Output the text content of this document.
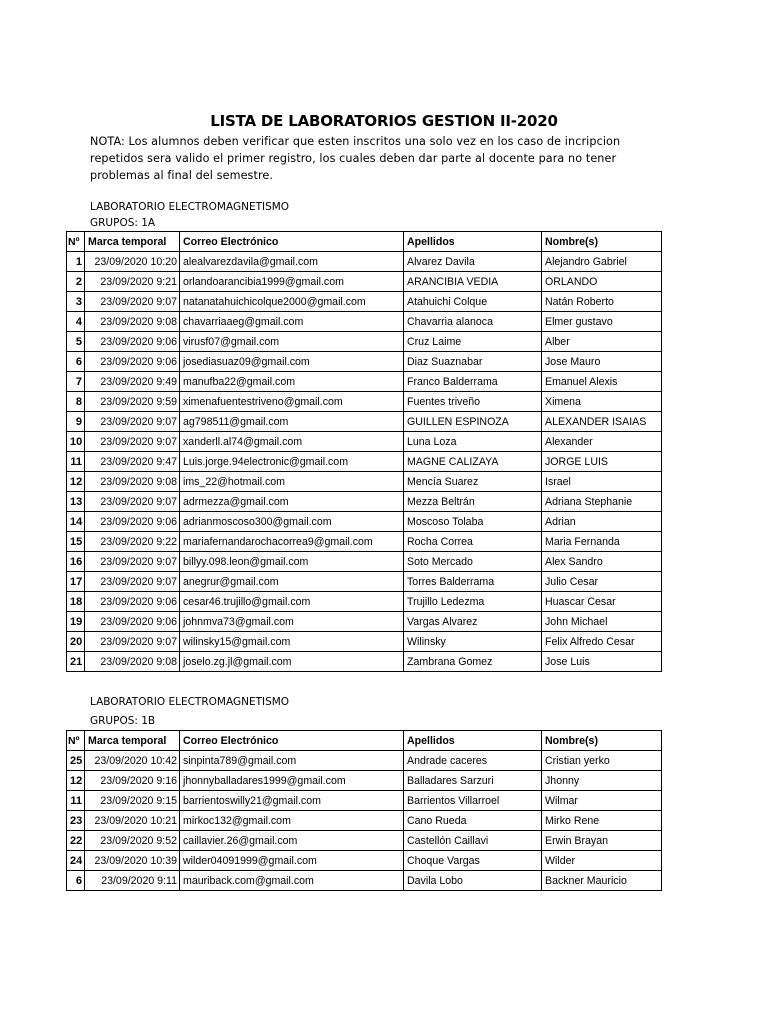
LISTA DE LABORATORIOS GESTION II-2020
NOTA: Los alumnos deben verificar que esten inscritos una solo vez en los caso de incripcion repetidos sera valido el primer registro, los cuales deben dar parte al docente para no tener problemas al final del semestre.
LABORATORIO ELECTROMAGNETISMO
GRUPOS: 1A
Nº	Marca temporal	Correo Electrónico	Apellidos	Nombre(s)
1	23/09/2020 10:20	alealvarezdavila@gmail.com	Alvarez Davila	Alejandro Gabriel
2	23/09/2020 9:21	orlandoarancibia1999@gmail.com	ARANCIBIA VEDIA	ORLANDO
3	23/09/2020 9:07	natanatahuichicolque2000@gmail.com	Atahuichi Colque	Natán Roberto
4	23/09/2020 9:08	chavarriaaeg@gmail.com	Chavarria alanoca	Elmer gustavo
5	23/09/2020 9:06	virusf07@gmail.com	Cruz Laime	Alber
6	23/09/2020 9:06	josediasuaz09@gmail.com	Diaz Suaznabar	Jose Mauro
7	23/09/2020 9:49	manufba22@gmail.com	Franco Balderrama	Emanuel Alexis
8	23/09/2020 9:59	ximenafuentestriveno@gmail.com	Fuentes triveño	Ximena
9	23/09/2020 9:07	ag798511@gmail.com	GUILLEN ESPINOZA	ALEXANDER ISAIAS
10	23/09/2020 9:07	xanderll.al74@gmail.com	Luna Loza	Alexander
11	23/09/2020 9:47	Luis.jorge.94electronic@gmail.com	MAGNE CALIZAYA	JORGE LUIS
12	23/09/2020 9:08	ims_22@hotmail.com	Mencía Suarez	Israel
13	23/09/2020 9:07	adrmezza@gmail.com	Mezza Beltrán	Adriana Stephanie
14	23/09/2020 9:06	adrianmoscoso300@gmail.com	Moscoso Tolaba	Adrian
15	23/09/2020 9:22	mariafernandarochacorrea9@gmail.com	Rocha Correa	Maria Fernanda
16	23/09/2020 9:07	billyy.098.leon@gmail.com	Soto Mercado	Alex Sandro
17	23/09/2020 9:07	anegrur@gmail.com	Torres Balderrama	Julio Cesar
18	23/09/2020 9:06	cesar46.trujillo@gmail.com	Trujillo Ledezma	Huascar Cesar
19	23/09/2020 9:06	johnmva73@gmail.com	Vargas Alvarez	John Michael
20	23/09/2020 9:07	wilinsky15@gmail.com	Wilinsky	Felix Alfredo Cesar
21	23/09/2020 9:08	joselo.zg.jl@gmail.com	Zambrana Gomez	Jose Luis
LABORATORIO ELECTROMAGNETISMO
GRUPOS: 1B
Nº	Marca temporal	Correo Electrónico	Apellidos	Nombre(s)
25	23/09/2020 10:42	sinpinta789@gmail.com	Andrade caceres	Cristian yerko
12	23/09/2020 9:16	jhonnyballadares1999@gmail.com	Balladares Sarzuri	Jhonny
11	23/09/2020 9:15	barrientoswilly21@gmail.com	Barrientos Villarroel	Wilmar
23	23/09/2020 10:21	mirkoc132@gmail.com	Cano Rueda	Mirko Rene
22	23/09/2020 9:52	caillavier.26@gmail.com	Castellón Caillavi	Erwin Brayan
24	23/09/2020 10:39	wilder04091999@gmail.com	Choque Vargas	Wilder
6	23/09/2020 9:11	mauriback.com@gmail.com	Davila Lobo	Backner Mauricio
